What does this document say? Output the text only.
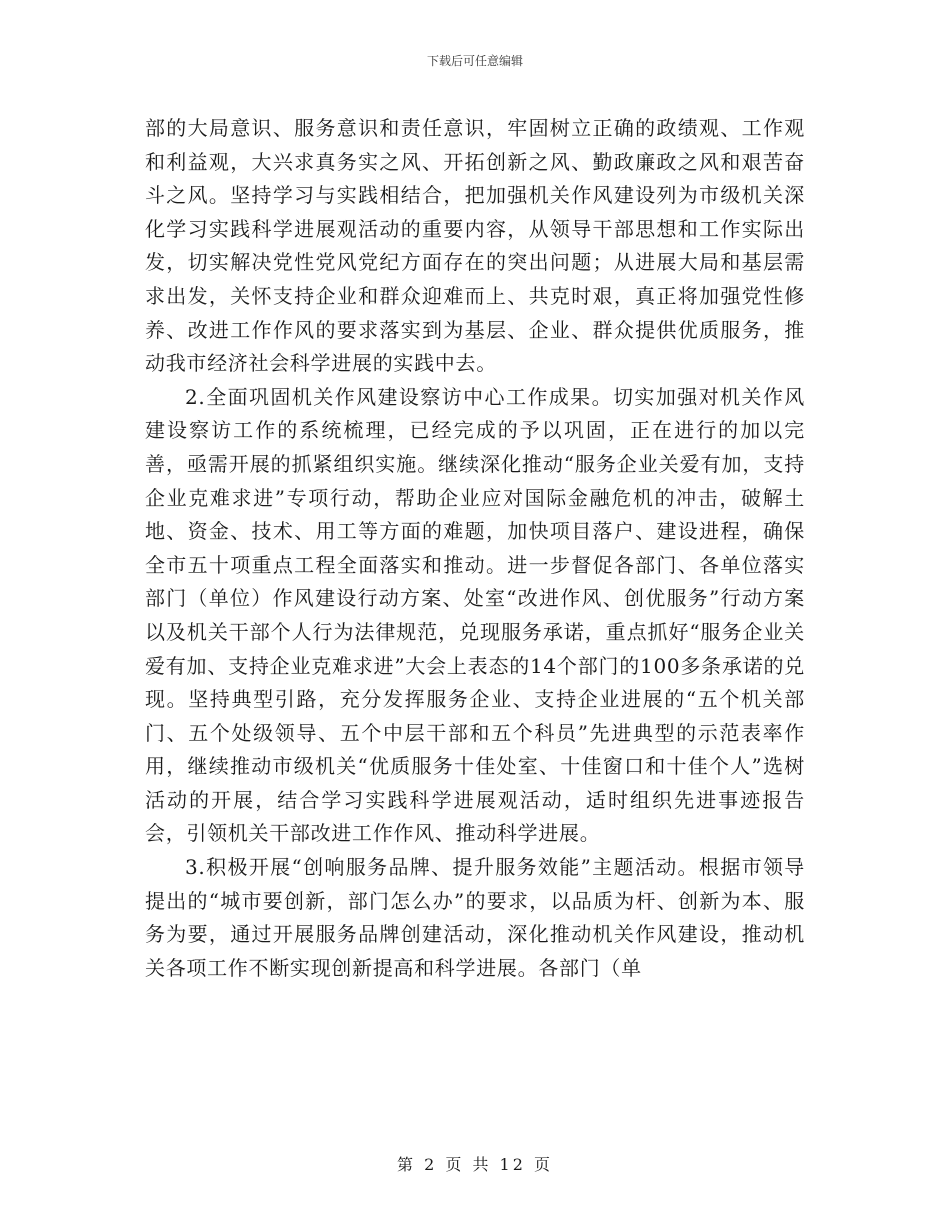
下载后可任意编辑

部的大局意识、服务意识和责任意识，牢固树立正确的政绩观、工作观和利益观，大兴求真务实之风、开拓创新之风、勤政廉政之风和艰苦奋斗之风。坚持学习与实践相结合，把加强机关作风建设列为市级机关深化学习实践科学进展观活动的重要内容，从领导干部思想和工作实际出发，切实解决党性党风党纪方面存在的突出问题；从进展大局和基层需求出发，关怀支持企业和群众迎难而上、共克时艰，真正将加强党性修养、改进工作作风的要求落实到为基层、企业、群众提供优质服务，推动我市经济社会科学进展的实践中去。

2.全面巩固机关作风建设察访中心工作成果。切实加强对机关作风建设察访工作的系统梳理，已经完成的予以巩固，正在进行的加以完善，亟需开展的抓紧组织实施。继续深化推动“服务企业关爱有加，支持企业克难求进”专项行动，帮助企业应对国际金融危机的冲击，破解土地、资金、技术、用工等方面的难题，加快项目落户、建设进程，确保全市五十项重点工程全面落实和推动。进一步督促各部门、各单位落实部门（单位）作风建设行动方案、处室“改进作风、创优服务”行动方案以及机关干部个人行为法律规范，兑现服务承诺，重点抓好“服务企业关爱有加、支持企业克难求进”大会上表态的14个部门的100多条承诺的兑现。坚持典型引路，充分发挥服务企业、支持企业进展的“五个机关部门、五个处级领导、五个中层干部和五个科员”先进典型的示范表率作用，继续推动市级机关“优质服务十佳处室、十佳窗口和十佳个人”选树活动的开展，结合学习实践科学进展观活动，适时组织先进事迹报告会，引领机关干部改进工作作风、推动科学进展。

3.积极开展“创响服务品牌、提升服务效能”主题活动。根据市领导提出的“城市要创新，部门怎么办”的要求，以品质为杆、创新为本、服务为要，通过开展服务品牌创建活动，深化推动机关作风建设，推动机关各项工作不断实现创新提高和科学进展。各部门（单

第 2 页 共 12 页
